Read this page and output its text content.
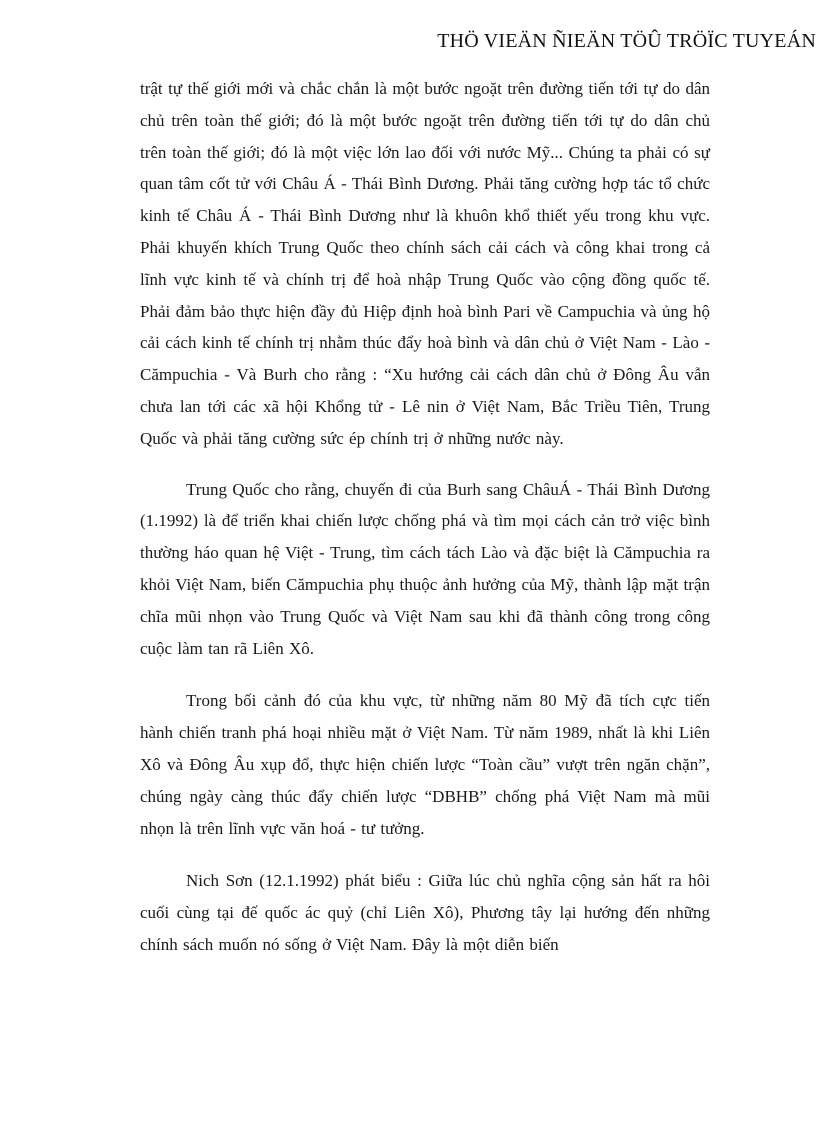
THÖ VIEÄN ÑIEÄN TÖÛ TRÖÏC TUYEÁN

trật tự thế giới mới và chắc chắn là một bước ngoặt trên đường tiến tới tự do dân chủ trên toàn thế giới; đó là một bước ngoặt trên đường tiến tới tự do dân chủ trên toàn thế giới; đó là một việc lớn lao đối với nước Mỹ... Chúng ta phải có sự quan tâm cốt tử với Châu Á - Thái Bình Dương. Phải tăng cường hợp tác tổ chức kinh tế Châu Á - Thái Bình Dương như là khuôn khổ thiết yếu trong khu vực. Phải khuyến khích Trung Quốc theo chính sách cải cách và công khai trong cả lĩnh vực kinh tế và chính trị để hoà nhập Trung Quốc vào cộng đồng quốc tế. Phải đảm bảo thực hiện đầy đủ Hiệp định hoà bình Pari về Campuchia và ủng hộ cải cách kinh tế chính trị nhằm thúc đẩy hoà bình và dân chủ ở Việt Nam - Lào - Cămpuchia - Và Burh cho rằng : “Xu hướng cải cách dân chủ ở Đông Âu vẫn chưa lan tới các xã hội Khổng tử - Lê nin ở Việt Nam, Bắc Triều Tiên, Trung Quốc và phải tăng cường sức ép chính trị ở những nước này.

Trung Quốc cho rằng, chuyến đi của Burh sang ChâuÁ - Thái Bình Dương (1.1992) là để triển khai chiến lược chống phá và tìm mọi cách cản trở việc bình thường háo quan hệ Việt - Trung, tìm cách tách Lào và đặc biệt là Cămpuchia ra khỏi Việt Nam, biến Cămpuchia phụ thuộc ảnh hưởng của Mỹ, thành lập mặt trận chĩa mũi nhọn vào Trung Quốc và Việt Nam sau khi đã thành công trong công cuộc làm tan rã Liên Xô.

Trong bối cảnh đó của khu vực, từ những năm 80 Mỹ đã tích cực tiến hành chiến tranh phá hoại nhiều mặt ở Việt Nam. Từ năm 1989, nhất là khi Liên Xô và Đông Âu xụp đổ, thực hiện chiến lược “Toàn cầu” vượt trên ngăn chặn”, chúng ngày càng thúc đẩy chiến lược “DBHB” chống phá Việt Nam mà mũi nhọn là trên lĩnh vực văn hoá - tư tưởng.

Nich Sơn (12.1.1992) phát biểu : Giữa lúc chủ nghĩa cộng sản hất ra hôi cuối cùng tại đế quốc ác quỷ (chỉ Liên Xô), Phương tây lại hướng đến những chính sách muốn nó sống ở Việt Nam. Đây là một diễn biến
